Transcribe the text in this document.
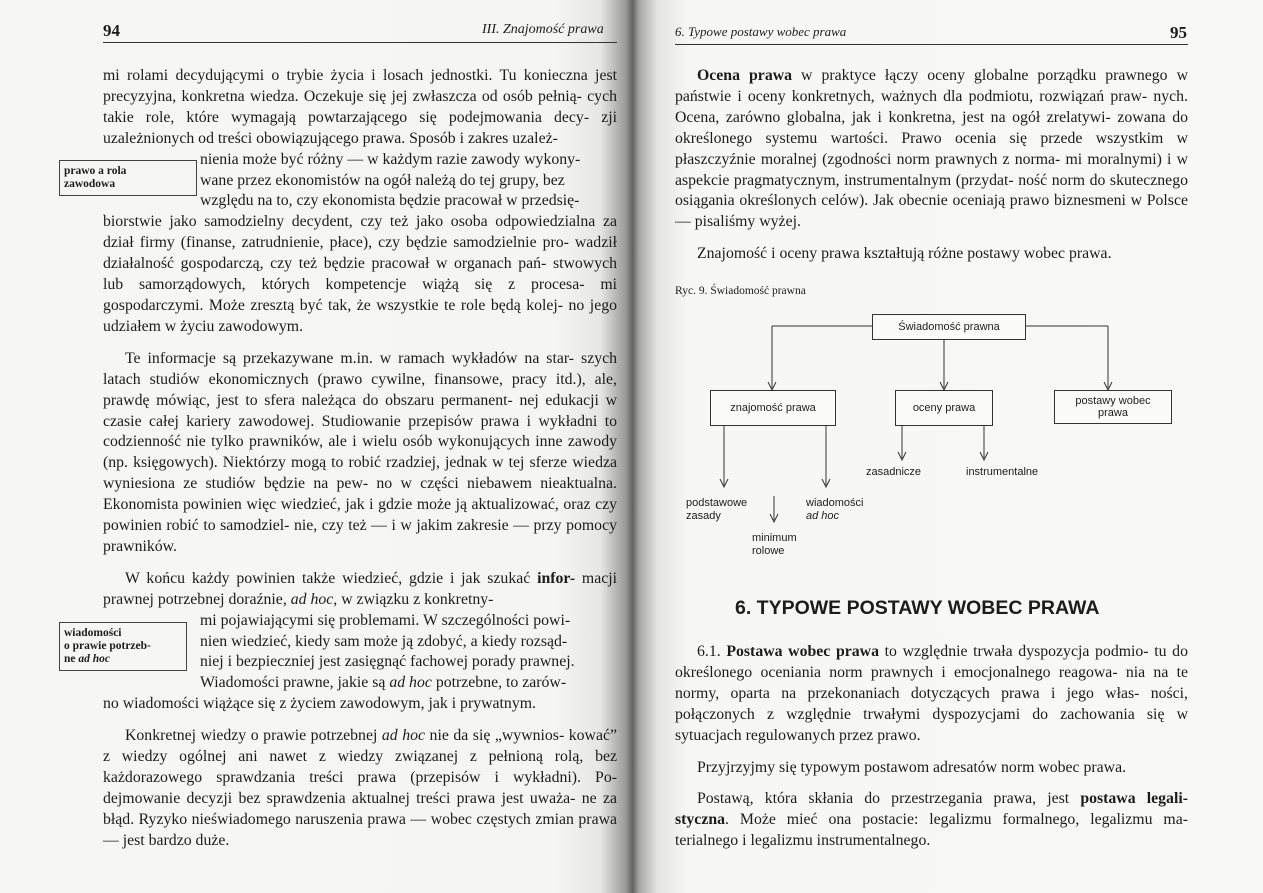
94	III. Znajomość prawa

mi rolami decydującymi o trybie życia i losach jednostki. Tu konieczna jest precyzyjna, konkretna wiedza. Oczekuje się jej zwłaszcza od osób pełnią- cych takie role, które wymagają powtarzającego się podejmowania decy- zji uzależnionych od treści obowiązującego prawa. Sposób i zakres uzależ-
nienia może być różny — w każdym razie zawody wykony-
wane przez ekonomistów na ogół należą do tej grupy, bez
względu na to, czy ekonomista będzie pracował w przedsię-
biorstwie jako samodzielny decydent, czy też jako osoba odpowiedzialna za dział firmy (finanse, zatrudnienie, płace), czy będzie samodzielnie pro- wadził działalność gospodarczą, czy też będzie pracował w organach pań- stwowych lub samorządowych, których kompetencje wiążą się z procesa- mi gospodarczymi. Może zresztą być tak, że wszystkie te role będą kolej- no jego udziałem w życiu zawodowym.

Te informacje są przekazywane m.in. w ramach wykładów na star- szych latach studiów ekonomicznych (prawo cywilne, finansowe, pracy itd.), ale, prawdę mówiąc, jest to sfera należąca do obszaru permanent- nej edukacji w czasie całej kariery zawodowej. Studiowanie przepisów prawa i wykładni to codzienność nie tylko prawników, ale i wielu osób wykonujących inne zawody (np. księgowych). Niektórzy mogą to robić rzadziej, jednak w tej sferze wiedza wyniesiona ze studiów będzie na pew- no w części niebawem nieaktualna. Ekonomista powinien więc wiedzieć, jak i gdzie może ją aktualizować, oraz czy powinien robić to samodziel- nie, czy też — i w jakim zakresie — przy pomocy prawników.

W końcu każdy powinien także wiedzieć, gdzie i jak szukać infor- macji prawnej potrzebnej doraźnie, ad hoc, w związku z konkretny-
mi pojawiającymi się problemami. W szczególności powi-
nien wiedzieć, kiedy sam może ją zdobyć, a kiedy rozsąd-
niej i bezpieczniej jest zasięgnąć fachowej porady prawnej.
Wiadomości prawne, jakie są ad hoc potrzebne, to zarów-
no wiadomości wiążące się z życiem zawodowym, jak i prywatnym.

Konkretnej wiedzy o prawie potrzebnej ad hoc nie da się „wywnios- kować” z wiedzy ogólnej ani nawet z wiedzy związanej z pełnioną rolą, bez każdorazowego sprawdzania treści prawa (przepisów i wykładni). Po- dejmowanie decyzji bez sprawdzenia aktualnej treści prawa jest uważa- ne za błąd. Ryzyko nieświadomego naruszenia prawa — wobec częstych zmian prawa — jest bardzo duże.

prawo a rola
zawodowa
wiadomości
o prawie potrzeb-
ne ad hoc
6. Typowe postawy wobec prawa	95

Ocena prawa w praktyce łączy oceny globalne porządku prawnego w państwie i oceny konkretnych, ważnych dla podmiotu, rozwiązań praw- nych. Ocena, zarówno globalna, jak i konkretna, jest na ogół zrelatywi- zowana do określonego systemu wartości. Prawo ocenia się przede wszystkim w płaszczyźnie moralnej (zgodności norm prawnych z norma- mi moralnymi) i w aspekcie pragmatycznym, instrumentalnym (przydat- ność norm do skutecznego osiągania określonych celów). Jak obecnie oceniają prawo biznesmeni w Polsce — pisaliśmy wyżej.

Znajomość i oceny prawa kształtują różne postawy wobec prawa.

Ryc. 9. Świadomość prawna
Świadomość prawna
znajomość prawa	oceny prawa
postawy wobec prawa
podstawowe zasady
minimum rolowe
wiadomości
ad hoc
zasadnicze	instrumentalne
6. TYPOWE POSTAWY WOBEC PRAWA

6.1. Postawa wobec prawa to względnie trwała dyspozycja podmio- tu do określonego oceniania norm prawnych i emocjonalnego reagowa- nia na te normy, oparta na przekonaniach dotyczących prawa i jego włas- ności, połączonych z względnie trwałymi dyspozycjami do zachowania się w sytuacjach regulowanych przez prawo.

Przyjrzyjmy się typowym postawom adresatów norm wobec prawa.

Postawą, która skłania do przestrzegania prawa, jest postawa legali- styczna. Może mieć ona postacie: legalizmu formalnego, legalizmu ma- terialnego i legalizmu instrumentalnego.
